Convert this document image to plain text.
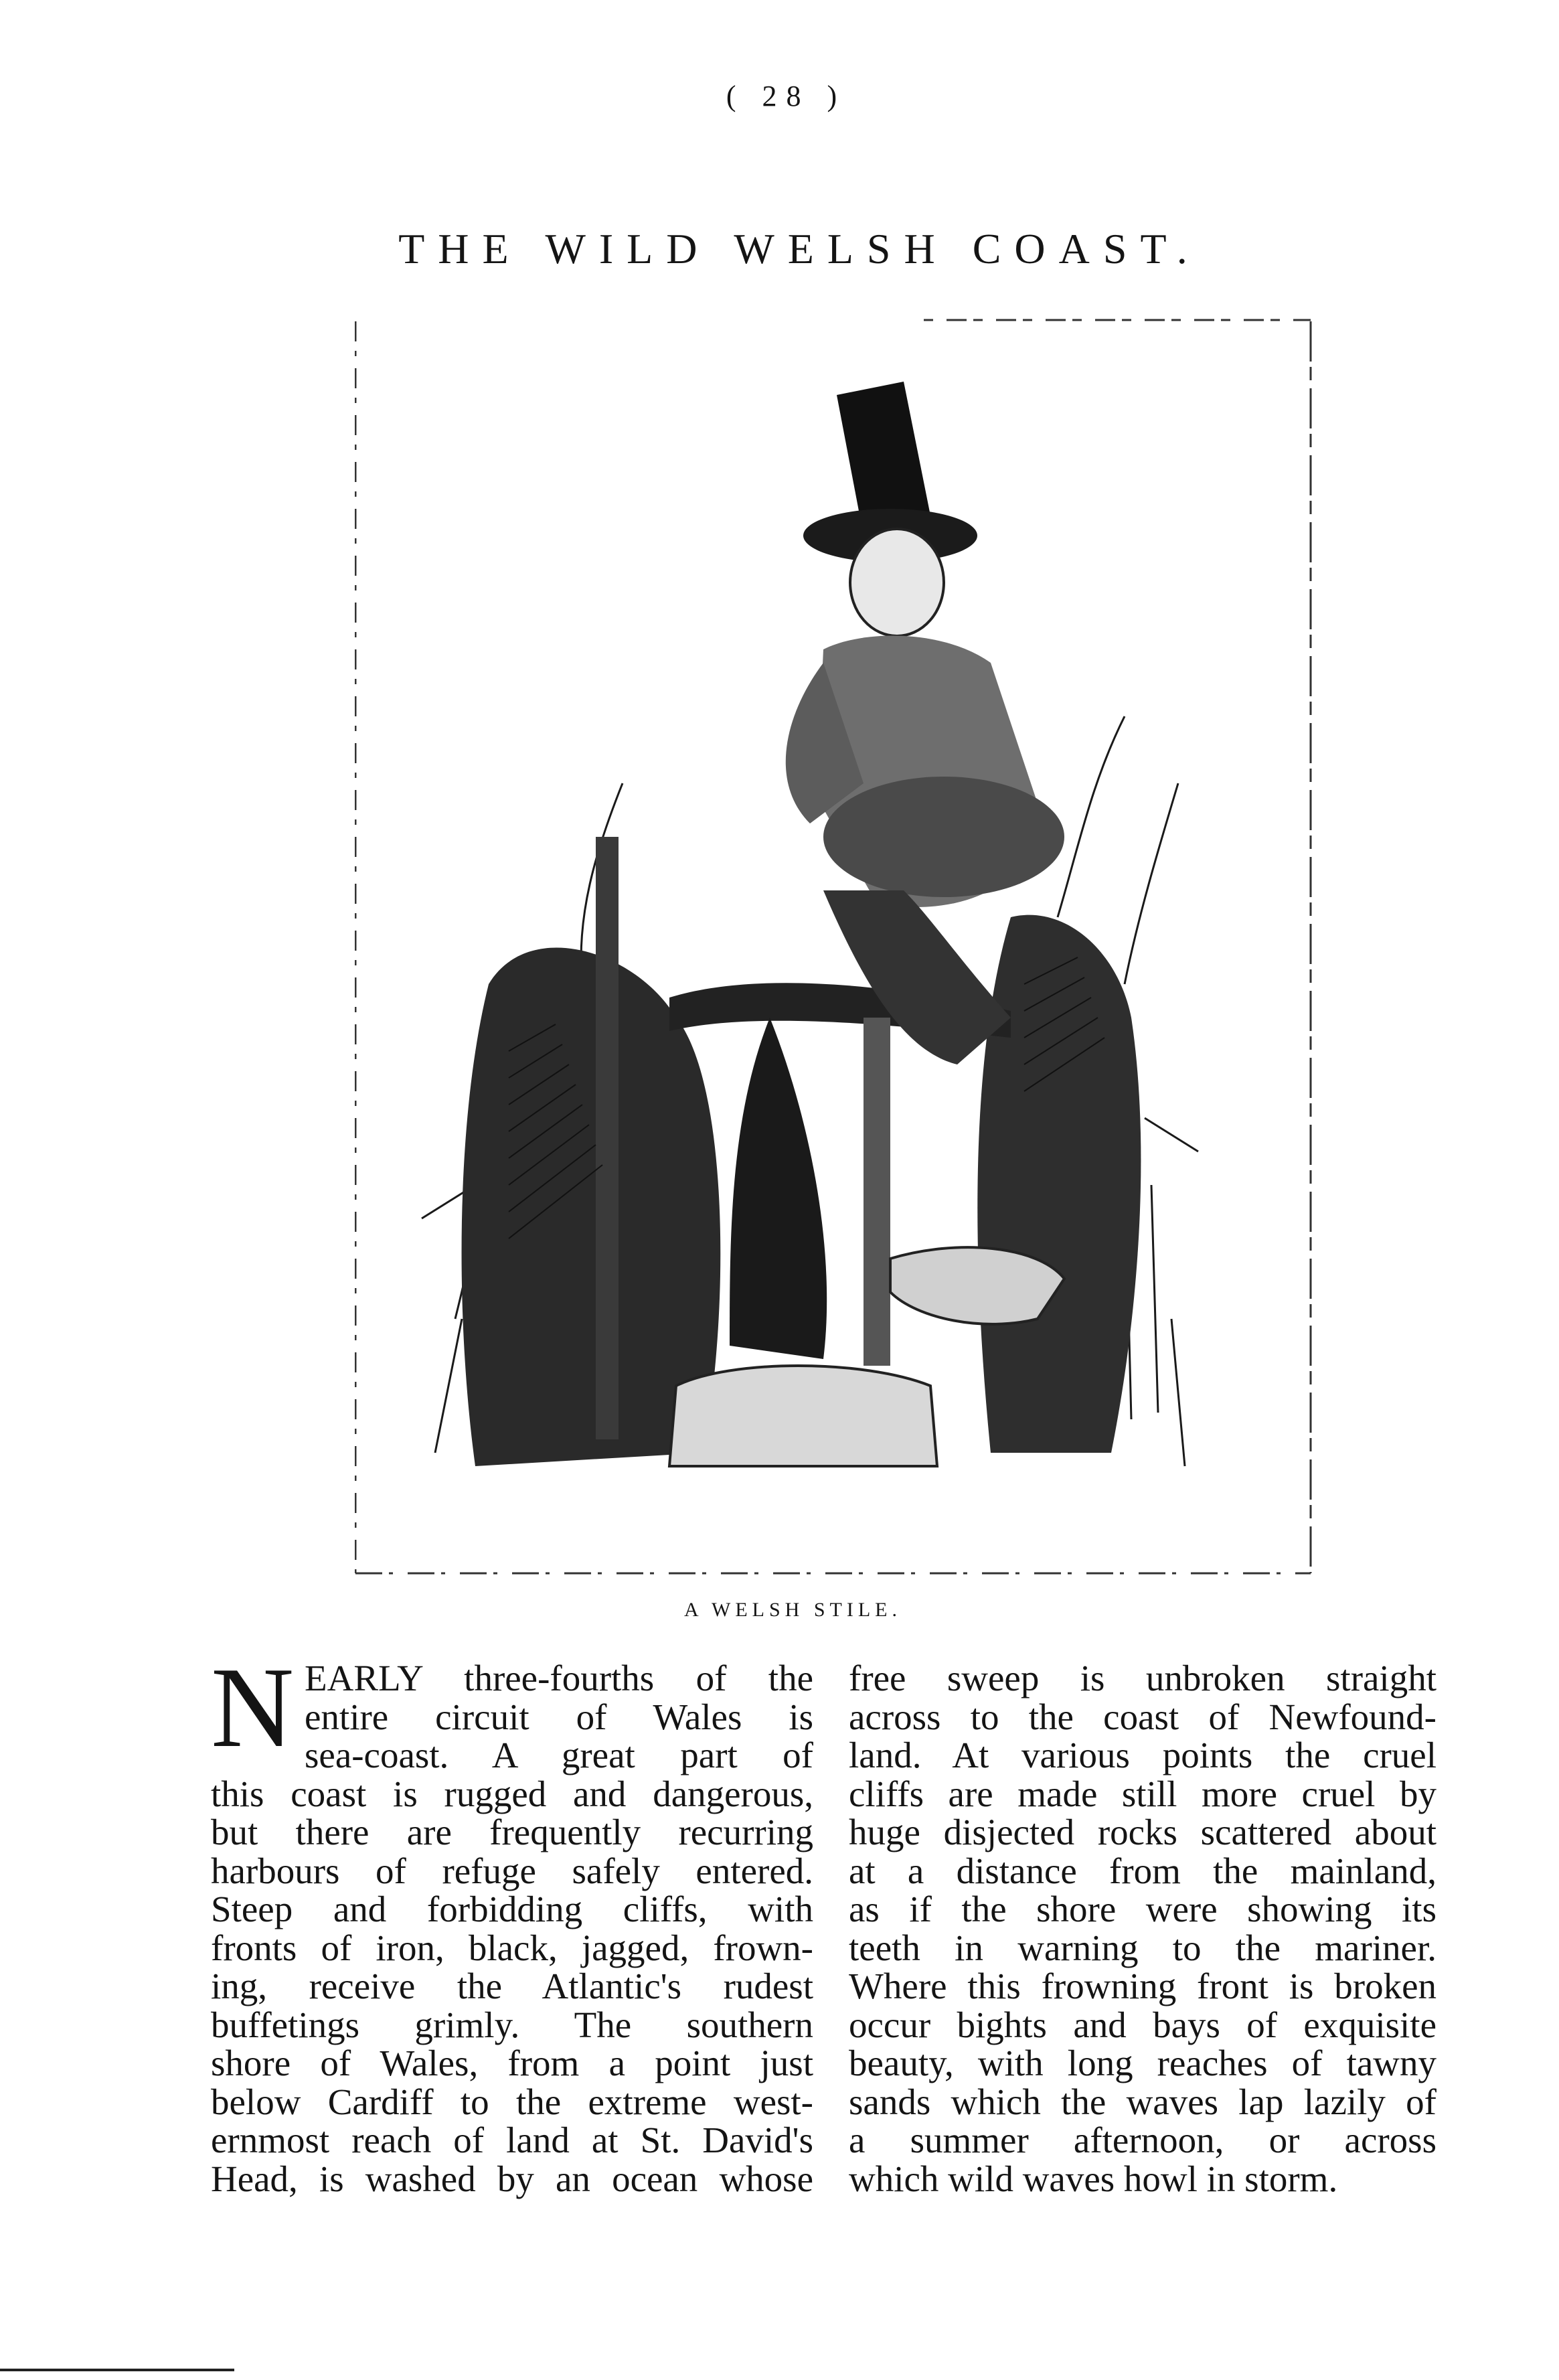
( 28 )
THE WILD WELSH COAST.
A WELSH STILE.
N EARLY three-fourths of the
entire circuit of Wales is
sea-coast. A great part of
this coast is rugged and dangerous,
but there are frequently recurring
harbours of refuge safely entered.
Steep and forbidding cliffs, with
fronts of iron, black, jagged, frown-
ing, receive the Atlantic's rudest
buffetings grimly. The southern
shore of Wales, from a point just
below Cardiff to the extreme west-
ernmost reach of land at St. David's
Head, is washed by an ocean whose
free sweep is unbroken straight
across to the coast of Newfound-
land. At various points the cruel
cliffs are made still more cruel by
huge disjected rocks scattered about
at a distance from the mainland,
as if the shore were showing its
teeth in warning to the mariner.
Where this frowning front is broken
occur bights and bays of exquisite
beauty, with long reaches of tawny
sands which the waves lap lazily of
a summer afternoon, or across
which wild waves howl in storm.
